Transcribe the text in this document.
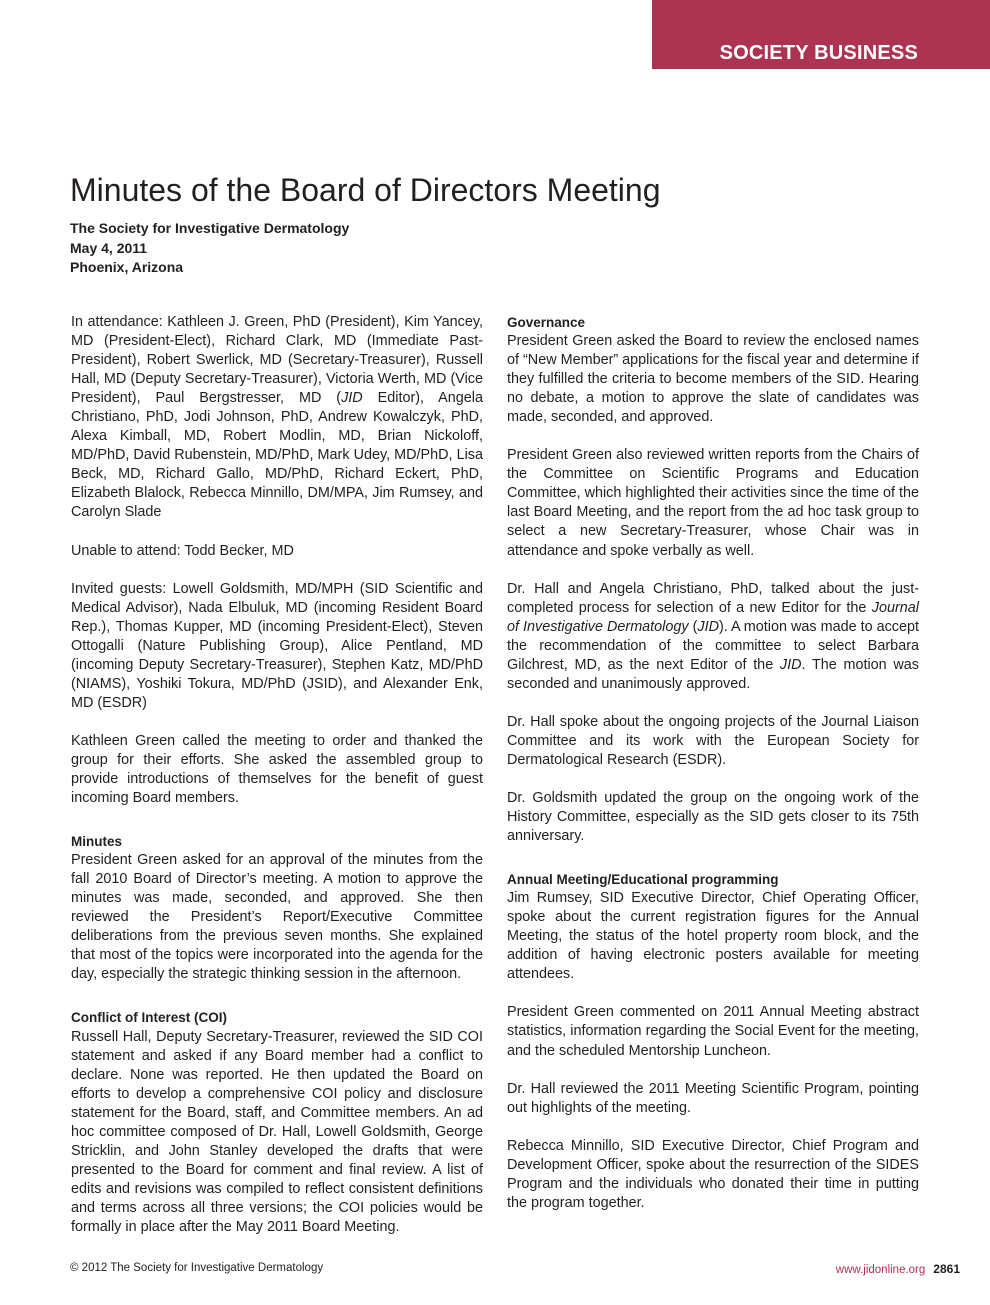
SOCIETY BUSINESS
Minutes of the Board of Directors Meeting
The Society for Investigative Dermatology
May 4, 2011
Phoenix, Arizona

In attendance: Kathleen J. Green, PhD (President), Kim Yancey, MD (President-Elect), Richard Clark, MD (Immediate Past-President), Robert Swerlick, MD (Secretary-Treasurer), Russell Hall, MD (Deputy Secretary-Treasurer), Victoria Werth, MD (Vice President), Paul Bergstresser, MD (JID Editor), Angela Christiano, PhD, Jodi Johnson, PhD, Andrew Kowalczyk, PhD, Alexa Kimball, MD, Robert Modlin, MD, Brian Nickoloff, MD/PhD, David Rubenstein, MD/PhD, Mark Udey, MD/PhD, Lisa Beck, MD, Richard Gallo, MD/PhD, Richard Eckert, PhD, Elizabeth Blalock, Rebecca Minnillo, DM/MPA, Jim Rumsey, and Carolyn Slade

Unable to attend: Todd Becker, MD

Invited guests: Lowell Goldsmith, MD/MPH (SID Scientific and Medical Advisor), Nada Elbuluk, MD (incoming Resident Board Rep.), Thomas Kupper, MD (incoming President-Elect), Steven Ottogalli (Nature Publishing Group), Alice Pentland, MD (incoming Deputy Secretary-Treasurer), Stephen Katz, MD/PhD (NIAMS), Yoshiki Tokura, MD/PhD (JSID), and Alexander Enk, MD (ESDR)

Kathleen Green called the meeting to order and thanked the group for their efforts. She asked the assembled group to provide introductions of themselves for the benefit of guest incoming Board members.

Minutes

President Green asked for an approval of the minutes from the fall 2010 Board of Director’s meeting. A motion to approve the minutes was made, seconded, and approved. She then reviewed the President’s Report/Executive Committee deliberations from the previous seven months. She explained that most of the topics were incorporated into the agenda for the day, especially the strategic thinking session in the afternoon.

Conflict of Interest (COI)

Russell Hall, Deputy Secretary-Treasurer, reviewed the SID COI statement and asked if any Board member had a conflict to declare. None was reported. He then updated the Board on efforts to develop a comprehensive COI policy and disclosure statement for the Board, staff, and Committee members. An ad hoc committee composed of Dr. Hall, Lowell Goldsmith, George Stricklin, and John Stanley developed the drafts that were presented to the Board for comment and final review. A list of edits and revisions was compiled to reflect consistent definitions and terms across all three versions; the COI policies would be formally in place after the May 2011 Board Meeting.

Governance

President Green asked the Board to review the enclosed names of “New Member” applications for the fiscal year and determine if they fulfilled the criteria to become members of the SID. Hearing no debate, a motion to approve the slate of candidates was made, seconded, and approved.

President Green also reviewed written reports from the Chairs of the Committee on Scientific Programs and Education Committee, which highlighted their activities since the time of the last Board Meeting, and the report from the ad hoc task group to select a new Secretary-Treasurer, whose Chair was in attendance and spoke verbally as well.

Dr. Hall and Angela Christiano, PhD, talked about the just-completed process for selection of a new Editor for the Journal of Investigative Dermatology (JID). A motion was made to accept the recommendation of the committee to select Barbara Gilchrest, MD, as the next Editor of the JID. The motion was seconded and unanimously approved.

Dr. Hall spoke about the ongoing projects of the Journal Liaison Committee and its work with the European Society for Dermatological Research (ESDR).

Dr. Goldsmith updated the group on the ongoing work of the History Committee, especially as the SID gets closer to its 75th anniversary.

Annual Meeting/Educational programming

Jim Rumsey, SID Executive Director, Chief Operating Officer, spoke about the current registration figures for the Annual Meeting, the status of the hotel property room block, and the addition of having electronic posters available for meeting attendees.

President Green commented on 2011 Annual Meeting abstract statistics, information regarding the Social Event for the meeting, and the scheduled Mentorship Luncheon.

Dr. Hall reviewed the 2011 Meeting Scientific Program, pointing out highlights of the meeting.

Rebecca Minnillo, SID Executive Director, Chief Program and Development Officer, spoke about the resurrection of the SIDES Program and the individuals who donated their time in putting the program together.

© 2012 The Society for Investigative Dermatology	www.jidonline.org 2861
